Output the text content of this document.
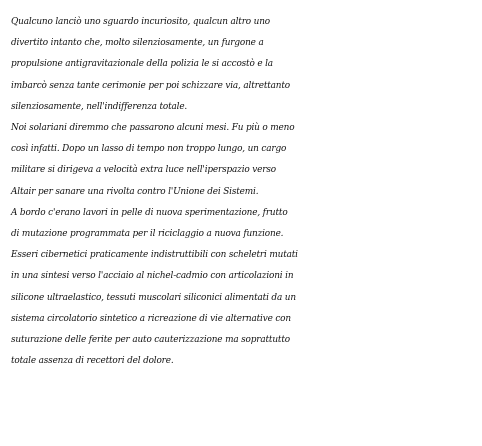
Qualcuno lanciò uno sguardo incuriosito, qualcun altro uno
divertito intanto che, molto silenziosamente, un furgone a
propulsione antigravitazionale della polizia le si accostò e la
imbarcò senza tante cerimonie per poi schizzare via, altrettanto
silenziosamente, nell'indifferenza totale.
Noi solariani diremmo che passarono alcuni mesi. Fu più o meno
così infatti. Dopo un lasso di tempo non troppo lungo, un cargo
militare si dirigeva a velocità extra luce nell'iperspazio verso
Altair per sanare una rivolta contro l'Unione dei Sistemi.
A bordo c'erano lavori in pelle di nuova sperimentazione, frutto
di mutazione programmata per il riciclaggio a nuova funzione.
Esseri cibernetici praticamente indistruttibili con scheletri mutati
in una sintesi verso l'acciaio al nichel-cadmio con articolazioni in
silicone ultraelastico, tessuti muscolari siliconici alimentati da un
sistema circolatorio sintetico a ricreazione di vie alternative con
suturazione delle ferite per auto cauterizzazione ma soprattutto
totale assenza di recettori del dolore.
